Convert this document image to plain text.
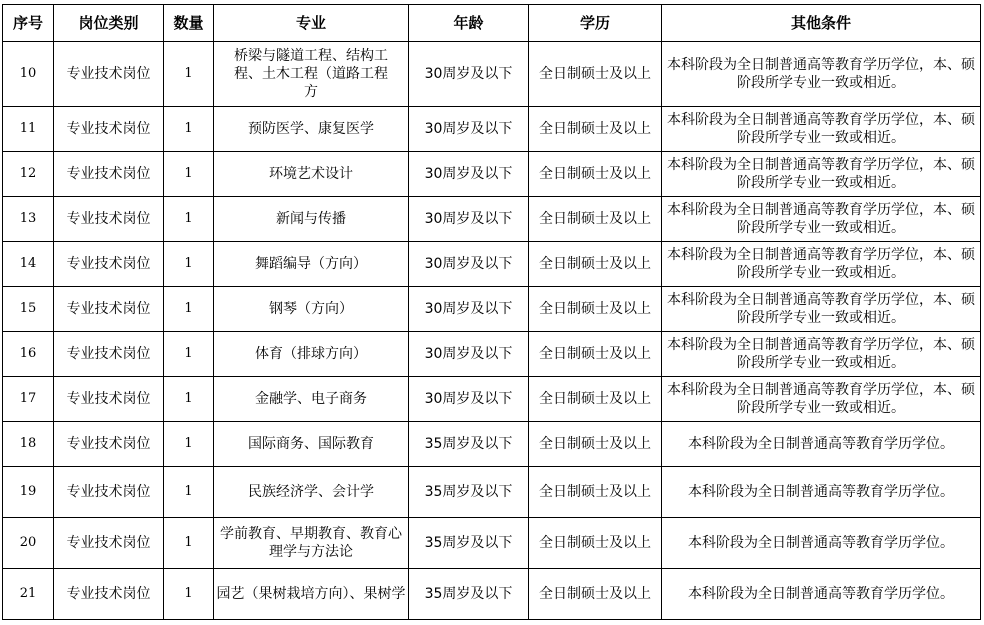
序号	岗位类别	数量	专业	年龄	学历	其他条件
10	专业技术岗位	1	桥梁与隧道工程、结构工程、土木工程（道路工程方	30周岁及以下	全日制硕士及以上	本科阶段为全日制普通高等教育学历学位，本、硕阶段所学专业一致或相近。
11	专业技术岗位	1	预防医学、康复医学	30周岁及以下	全日制硕士及以上	本科阶段为全日制普通高等教育学历学位，本、硕阶段所学专业一致或相近。
12	专业技术岗位	1	环境艺术设计	30周岁及以下	全日制硕士及以上	本科阶段为全日制普通高等教育学历学位，本、硕阶段所学专业一致或相近。
13	专业技术岗位	1	新闻与传播	30周岁及以下	全日制硕士及以上	本科阶段为全日制普通高等教育学历学位，本、硕阶段所学专业一致或相近。
14	专业技术岗位	1	舞蹈编导（方向）	30周岁及以下	全日制硕士及以上	本科阶段为全日制普通高等教育学历学位，本、硕阶段所学专业一致或相近。
15	专业技术岗位	1	钢琴（方向）	30周岁及以下	全日制硕士及以上	本科阶段为全日制普通高等教育学历学位，本、硕阶段所学专业一致或相近。
16	专业技术岗位	1	体育（排球方向）	30周岁及以下	全日制硕士及以上	本科阶段为全日制普通高等教育学历学位，本、硕阶段所学专业一致或相近。
17	专业技术岗位	1	金融学、电子商务	30周岁及以下	全日制硕士及以上	本科阶段为全日制普通高等教育学历学位，本、硕阶段所学专业一致或相近。
18	专业技术岗位	1	国际商务、国际教育	35周岁及以下	全日制硕士及以上	本科阶段为全日制普通高等教育学历学位。
19	专业技术岗位	1	民族经济学、会计学	35周岁及以下	全日制硕士及以上	本科阶段为全日制普通高等教育学历学位。
20	专业技术岗位	1	学前教育、早期教育、教育心理学与方法论	35周岁及以下	全日制硕士及以上	本科阶段为全日制普通高等教育学历学位。
21	专业技术岗位	1	园艺（果树栽培方向）、果树学	35周岁及以下	全日制硕士及以上	本科阶段为全日制普通高等教育学历学位。
